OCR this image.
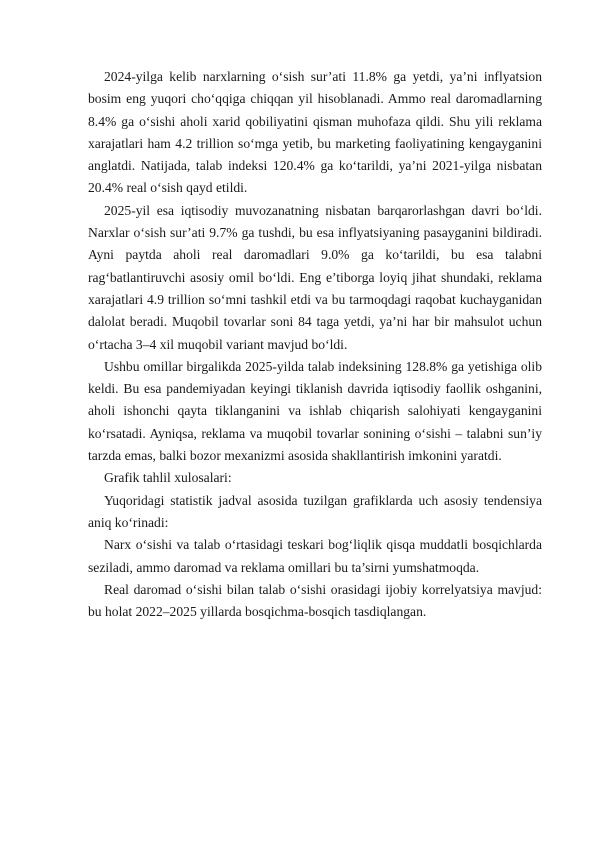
2024-yilga kelib narxlarning o‘sish sur’ati 11.8% ga yetdi, ya’ni inflyatsion bosim eng yuqori cho‘qqiga chiqqan yil hisoblanadi. Ammo real daromadlarning 8.4% ga o‘sishi aholi xarid qobiliyatini qisman muhofaza qildi. Shu yili reklama xarajatlari ham 4.2 trillion so‘mga yetib, bu marketing faoliyatining kengayganini anglatdi. Natijada, talab indeksi 120.4% ga ko‘tarildi, ya’ni 2021-yilga nisbatan 20.4% real o‘sish qayd etildi.

2025-yil esa iqtisodiy muvozanatning nisbatan barqarorlashgan davri bo‘ldi. Narxlar o‘sish sur’ati 9.7% ga tushdi, bu esa inflyatsiyaning pasayganini bildiradi. Ayni paytda aholi real daromadlari 9.0% ga ko‘tarildi, bu esa talabni rag‘batlantiruvchi asosiy omil bo‘ldi. Eng e’tiborga loyiq jihat shundaki, reklama xarajatlari 4.9 trillion so‘mni tashkil etdi va bu tarmoqdagi raqobat kuchayganidan dalolat beradi. Muqobil tovarlar soni 84 taga yetdi, ya’ni har bir mahsulot uchun o‘rtacha 3–4 xil muqobil variant mavjud bo‘ldi.

Ushbu omillar birgalikda 2025-yilda talab indeksining 128.8% ga yetishiga olib keldi. Bu esa pandemiyadan keyingi tiklanish davrida iqtisodiy faollik oshganini, aholi ishonchi qayta tiklanganini va ishlab chiqarish salohiyati kengayganini ko‘rsatadi. Ayniqsa, reklama va muqobil tovarlar sonining o‘sishi – talabni sun’iy tarzda emas, balki bozor mexanizmi asosida shakllantirish imkonini yaratdi.

Grafik tahlil xulosalari:

Yuqoridagi statistik jadval asosida tuzilgan grafiklarda uch asosiy tendensiya aniq ko‘rinadi:

Narx o‘sishi va talab o‘rtasidagi teskari bog‘liqlik qisqa muddatli bosqichlarda seziladi, ammo daromad va reklama omillari bu ta’sirni yumshatmoqda.

Real daromad o‘sishi bilan talab o‘sishi orasidagi ijobiy korrelyatsiya mavjud: bu holat 2022–2025 yillarda bosqichma-bosqich tasdiqlangan.
